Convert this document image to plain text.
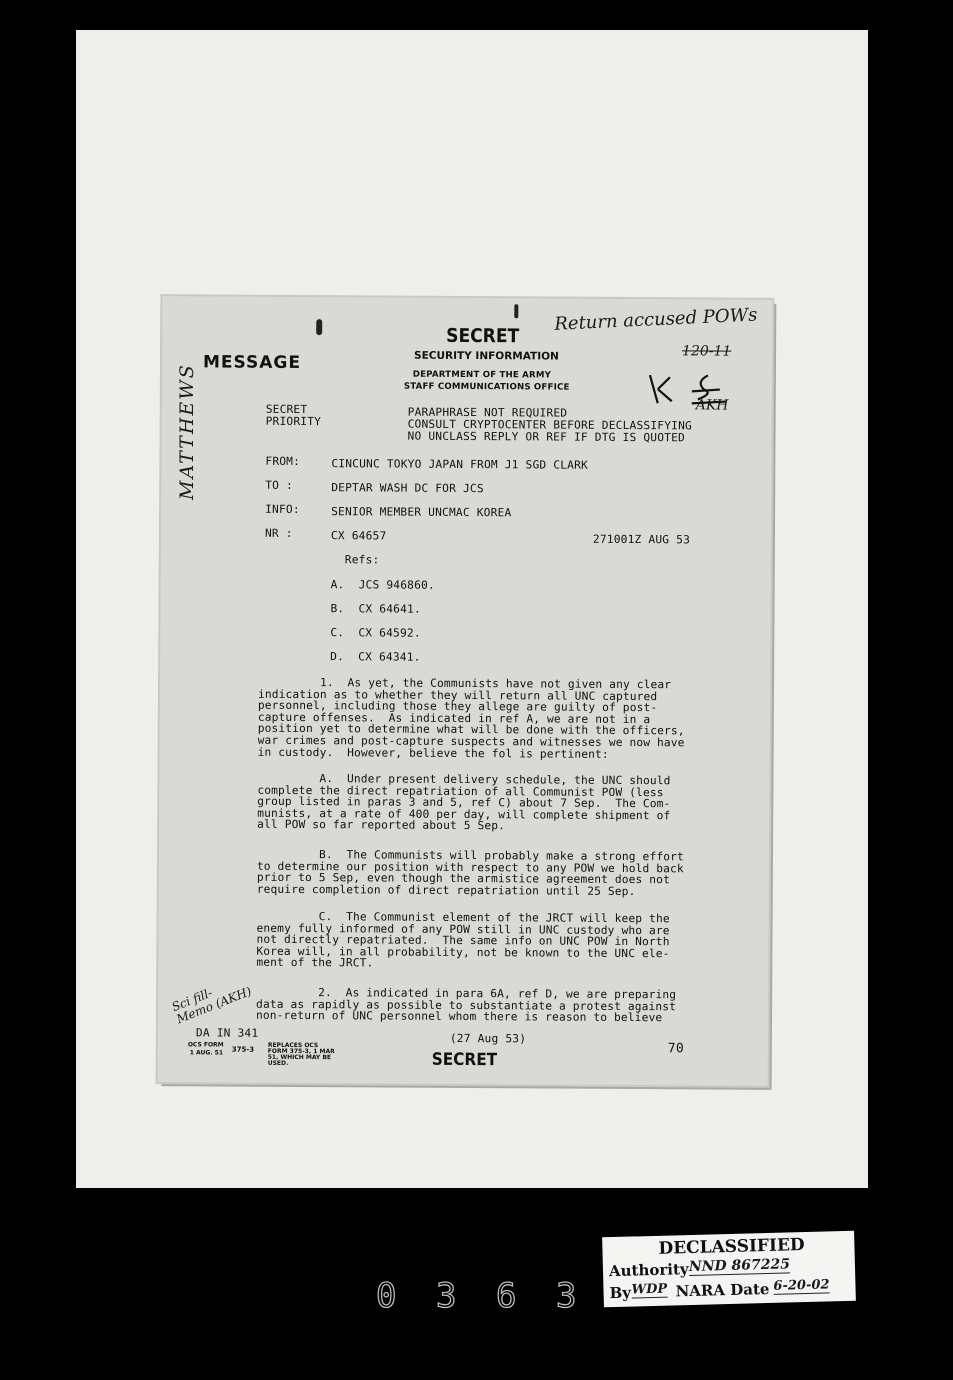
SECRET
SECURITY INFORMATION
MESSAGE
DEPARTMENT OF THE ARMY
STAFF COMMUNICATIONS OFFICE
Return accused POWs
120-11
AKH
SECRET
PRIORITY
PARAPHRASE NOT REQUIRED
CONSULT CRYPTOCENTER BEFORE DECLASSIFYING
NO UNCLASS REPLY OR REF IF DTG IS QUOTED
FROM:	CINCUNC TOKYO JAPAN FROM J1 SGD CLARK
TO :	DEPTAR WASH DC FOR JCS
INFO:	SENIOR MEMBER UNCMAC KOREA
NR :	CX 64657	271001Z AUG 53
Refs:
A. JCS 946860.
B. CX 64641.
C. CX 64592.
D. CX 64341.
1.  As yet, the Communists have not given any clear
indication as to whether they will return all UNC captured
personnel, including those they allege are guilty of post-
capture offenses.  As indicated in ref A, we are not in a
position yet to determine what will be done with the officers,
war crimes and post-capture suspects and witnesses we now have
in custody.  However, believe the fol is pertinent:
A.  Under present delivery schedule, the UNC should
complete the direct repatriation of all Communist POW (less
group listed in paras 3 and 5, ref C) about 7 Sep.  The Com-
munists, at a rate of 400 per day, will complete shipment of
all POW so far reported about 5 Sep.
B.  The Communists will probably make a strong effort
to determine our position with respect to any POW we hold back
prior to 5 Sep, even though the armistice agreement does not
require completion of direct repatriation until 25 Sep.
C.  The Communist element of the JRCT will keep the
enemy fully informed of any POW still in UNC custody who are
not directly repatriated.  The same info on UNC POW in North
Korea will, in all probability, not be known to the UNC ele-
ment of the JRCT.
2.  As indicated in para 6A, ref D, we are preparing
data as rapidly as possible to substantiate a protest against
non-return of UNC personnel whom there is reason to believe
Sci fill- Memo (AKH)
DA IN 341	(27 Aug 53)
70
OCS FORM
1 AUG. 51 375-3
REPLACES OCS FORM 375-3, 1 MAR 51, WHICH MAY BE USED.	SECRET
MATTHEWS
DECLASSIFIED
Authority NND 867225
By WDP NARA Date 6-20-02
0 3 6 3
